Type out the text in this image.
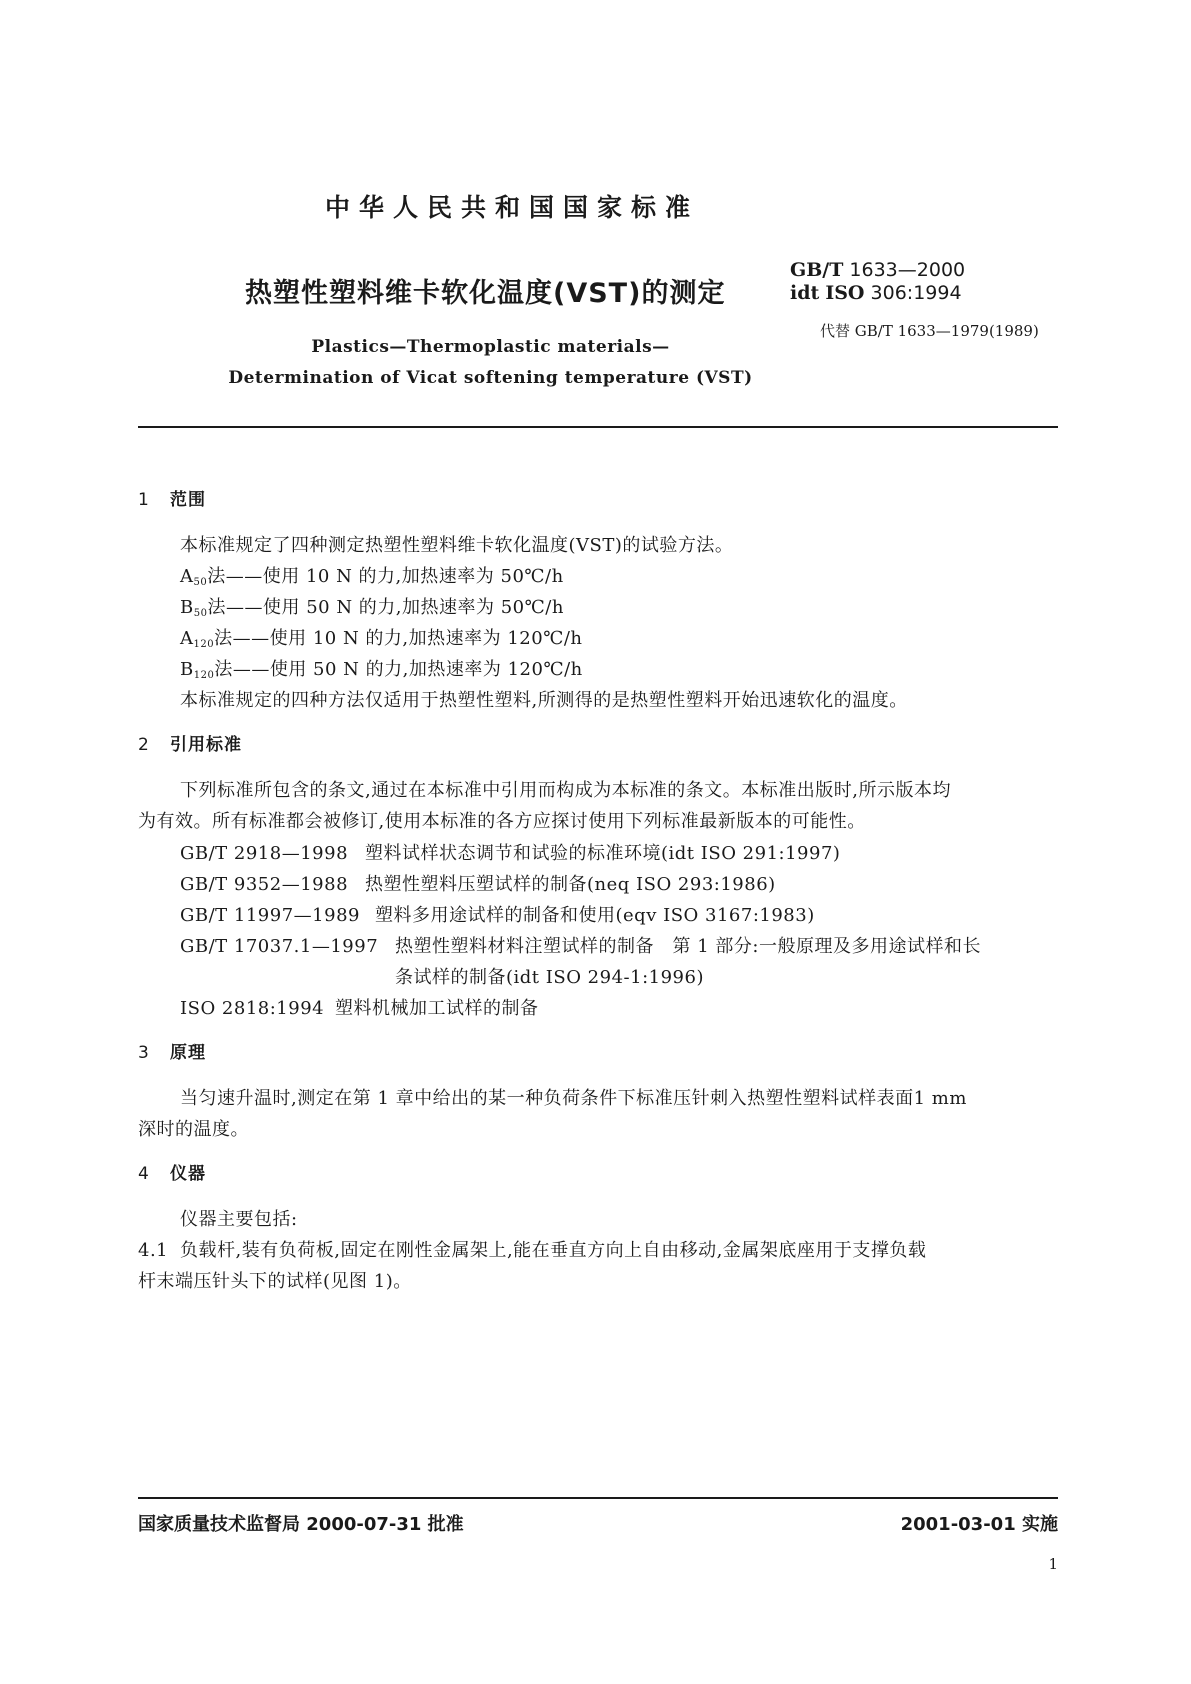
中华人民共和国国家标准
热塑性塑料维卡软化温度(VST)的测定
GB/T 1633—2000
idt ISO 306:1994
代替 GB/T 1633—1979(1989)
Plastics—Thermoplastic materials—
Determination of Vicat softening temperature (VST)
1 范围
本标准规定了四种测定热塑性塑料维卡软化温度(VST)的试验方法。
$A_{50}$法——使用 10 N 的力,加热速率为 50℃/h
$B_{50}$法——使用 50 N 的力,加热速率为 50℃/h
$A_{120}$法——使用 10 N 的力,加热速率为 120℃/h
$B_{120}$法——使用 50 N 的力,加热速率为 120℃/h
本标准规定的四种方法仅适用于热塑性塑料,所测得的是热塑性塑料开始迅速软化的温度。
2 引用标准
下列标准所包含的条文,通过在本标准中引用而构成为本标准的条文。本标准出版时,所示版本均
为有效。所有标准都会被修订,使用本标准的各方应探讨使用下列标准最新版本的可能性。
GB/T 2918—1998 塑料试样状态调节和试验的标准环境(idt ISO 291:1997)
GB/T 9352—1988 热塑性塑料压塑试样的制备(neq ISO 293:1986)
GB/T 11997—1989 塑料多用途试样的制备和使用(eqv ISO 3167:1983)
GB/T 17037.1—1997 热塑性塑料材料注塑试样的制备　第 1 部分:一般原理及多用途试样和长
条试样的制备(idt ISO 294-1:1996)
ISO 2818:1994 塑料机械加工试样的制备
3 原理
当匀速升温时,测定在第 1 章中给出的某一种负荷条件下标准压针刺入热塑性塑料试样表面1 mm
深时的温度。
4 仪器
仪器主要包括:
4.1 负载杆,装有负荷板,固定在刚性金属架上,能在垂直方向上自由移动,金属架底座用于支撑负载
杆末端压针头下的试样(见图 1)。
国家质量技术监督局 2000-07-31 批准	2001-03-01 实施
1
